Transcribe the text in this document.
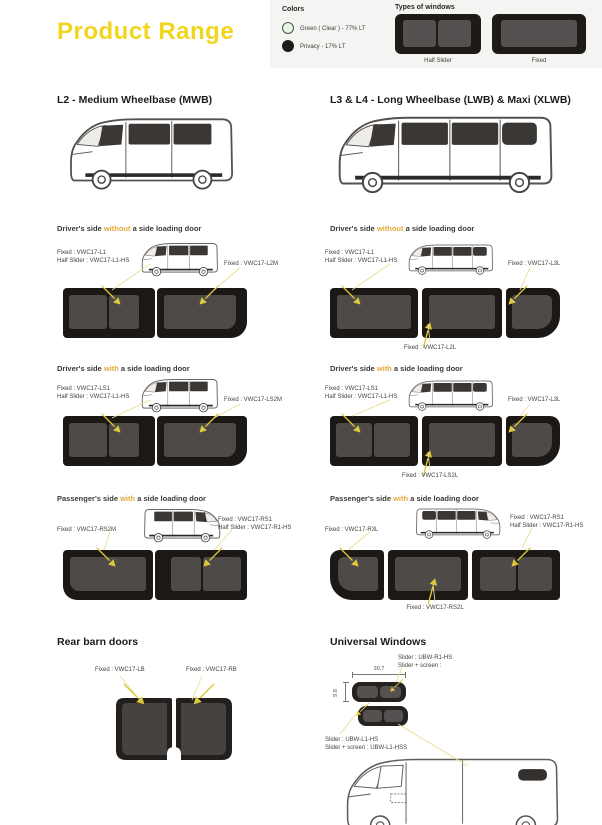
Product Range
Colors
Green ( Clear ) - 77% LT
Privacy - 17% LT
Types of windows
Half Slider	Fixed
L2 - Medium Wheelbase (MWB)	L3 & L4 - Long Wheelbase (LWB) & Maxi (XLWB)
Driver's side without a side loading door
Fixed : VWC17-L1
Half Slider : VWC17-L1-HS	Fixed : VWC17-L2M
Driver's side with a side loading door
Fixed : VWC17-LS1
Half Slider : VWC17-L1-HS	Fixed : VWC17-LS2M
Passenger's side with a side loading door
Fixed : VWC17-RS2M
Fixed : VWC17-RS1
Half Slider : VWC17-R1-HS
Rear barn doors
Fixed : VWC17-LB	Fixed : VWC17-RB
Driver's side without a side loading door
Fixed : VWC17-L1
Half Slider : VWC17-L1-HS	Fixed : VWC17-L3L
Fixed : VWC17-L2L
Driver's side with a side loading door
Fixed : VWC17-LS1
Half Slider : VWC17-L1-HS	Fixed : VWC17-L3L
Fixed : VWC17-LS2L
Passenger's side with a side loading door
Fixed : VWC17-R3L
Fixed : VWC17-RS1
Half Slider : VWC17-R1-HS
Fixed : VWC17-RS2L
Universal Windows
Slider : UBW-R1-HS
Slider + screen :
30.7
9.8
Slider : UBW-L1-HS
Slider + screen : UBW-L1-HSS
